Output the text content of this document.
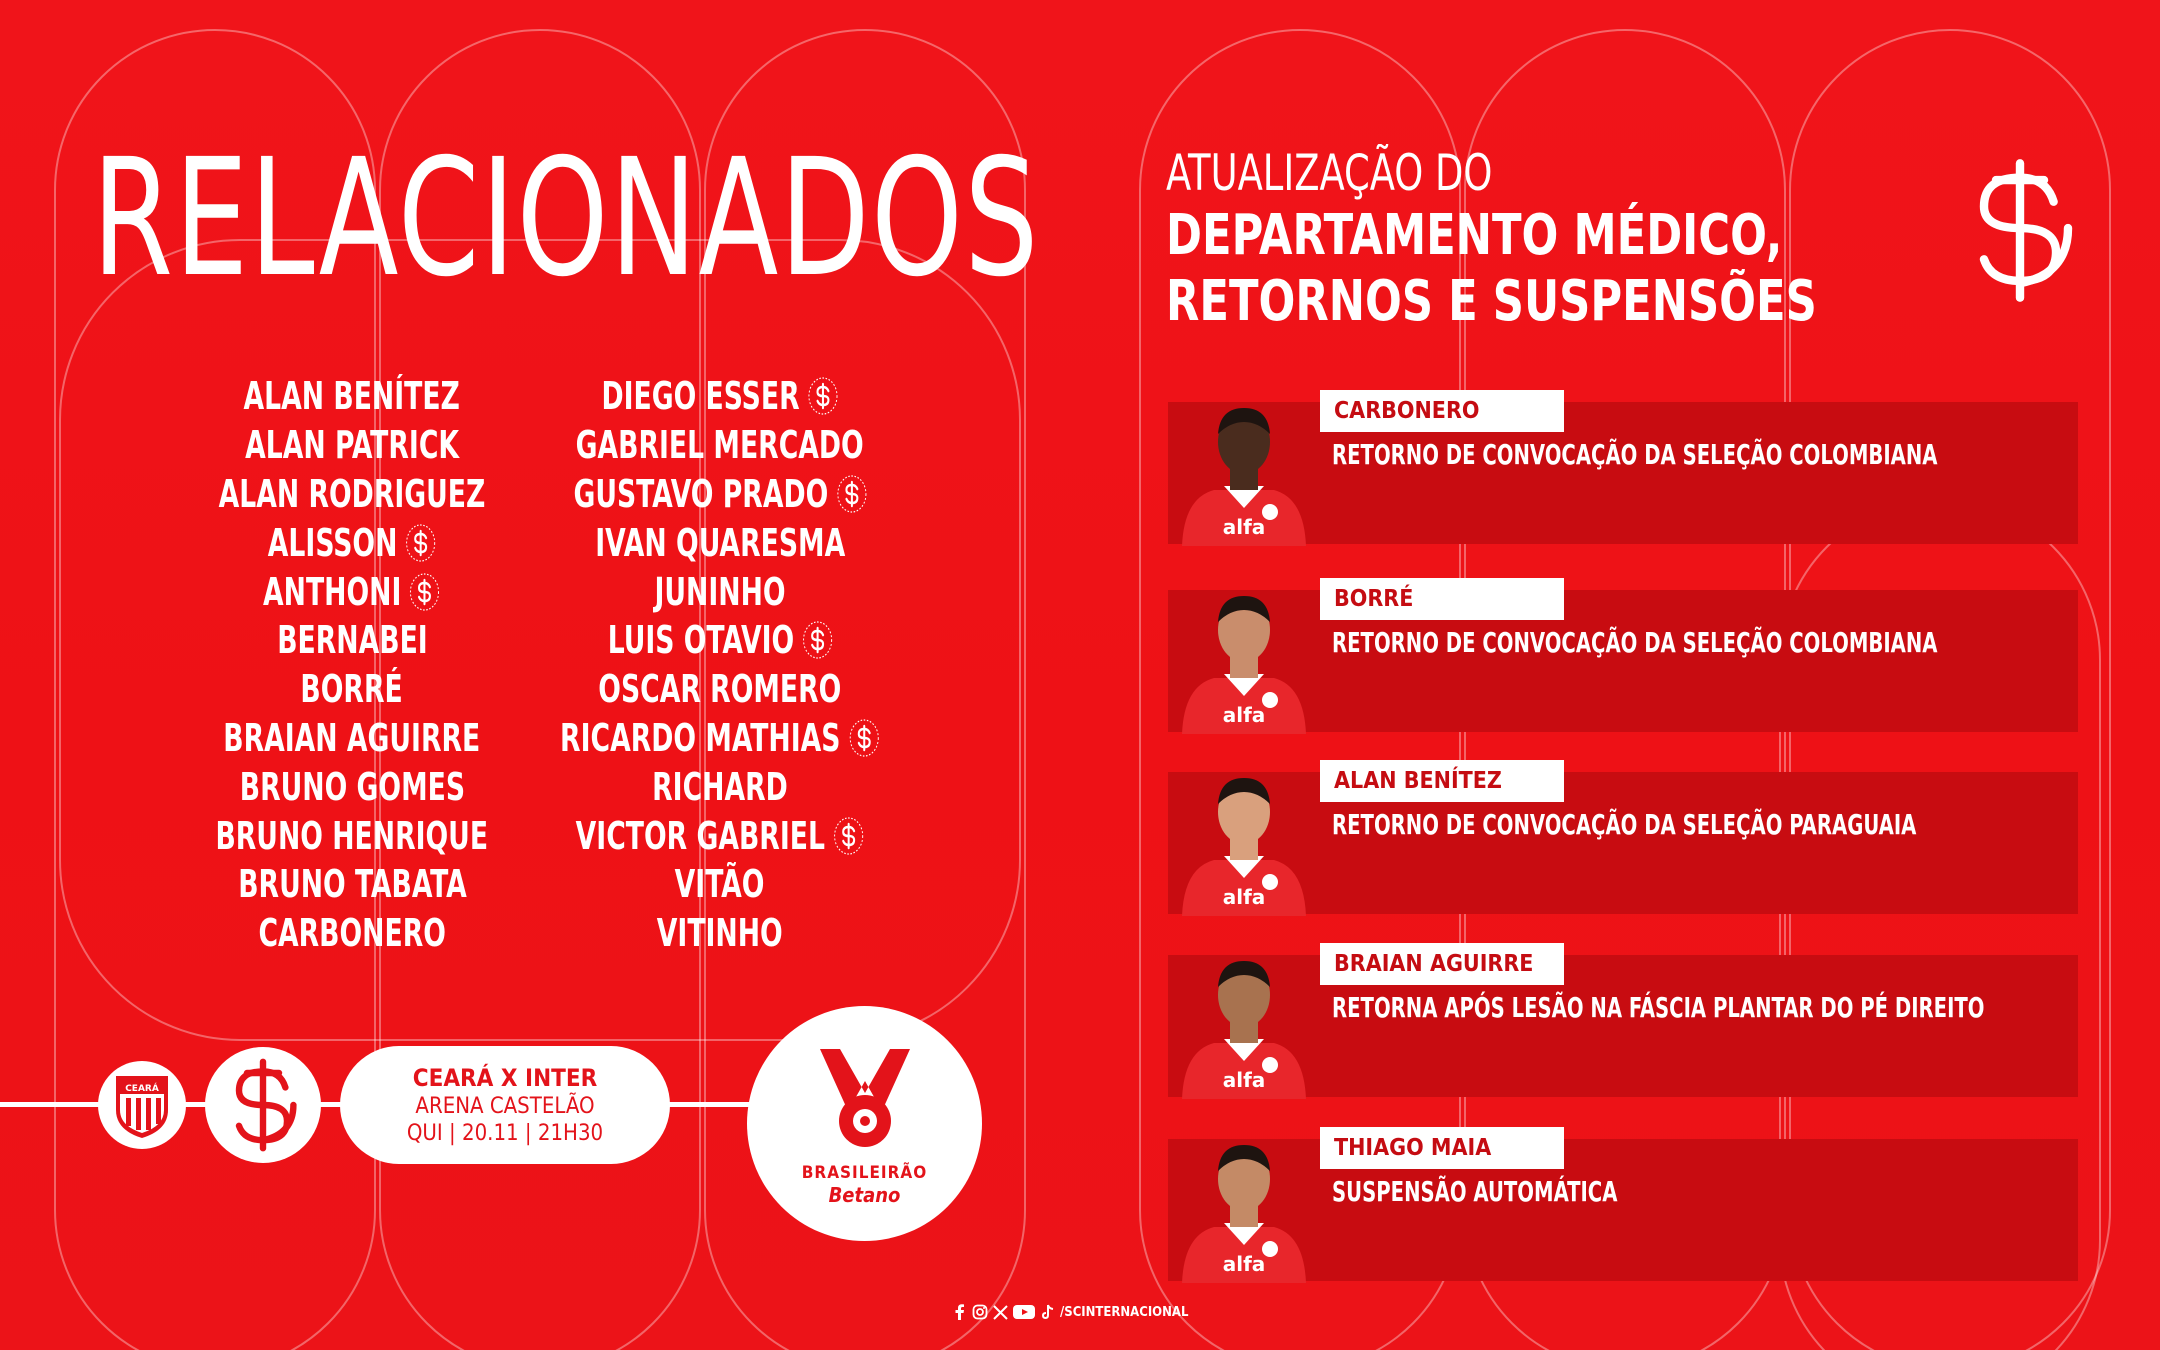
RELACIONADOS
ALAN BENÍTEZ
ALAN PATRICK
ALAN RODRIGUEZ
ALISSON
ANTHONI
BERNABEI
BORRÉ
BRAIAN AGUIRRE
BRUNO GOMES
BRUNO HENRIQUE
BRUNO TABATA
CARBONERO
DIEGO ESSER
GABRIEL MERCADO
GUSTAVO PRADO
IVAN QUARESMA
JUNINHO
LUIS OTAVIO
OSCAR ROMERO
RICARDO MATHIAS
RICHARD
VICTOR GABRIEL
VITÃO
VITINHO
CEARÁ	CEARÁ X INTER
ARENA CASTELÃO
QUI | 20.11 | 21H30
BRASILEIRÃO
Betano
ATUALIZAÇÃO DO
DEPARTAMENTO MÉDICO,
RETORNOS E SUSPENSÕES
alfa
CARBONERO
RETORNO DE CONVOCAÇÃO DA SELEÇÃO COLOMBIANA
alfa
BORRÉ
RETORNO DE CONVOCAÇÃO DA SELEÇÃO COLOMBIANA
alfa
ALAN BENÍTEZ
RETORNO DE CONVOCAÇÃO DA SELEÇÃO PARAGUAIA
alfa
BRAIAN AGUIRRE
RETORNA APÓS LESÃO NA FÁSCIA PLANTAR DO PÉ DIREITO
alfa
THIAGO MAIA
SUSPENSÃO AUTOMÁTICA
/SCINTERNACIONAL
